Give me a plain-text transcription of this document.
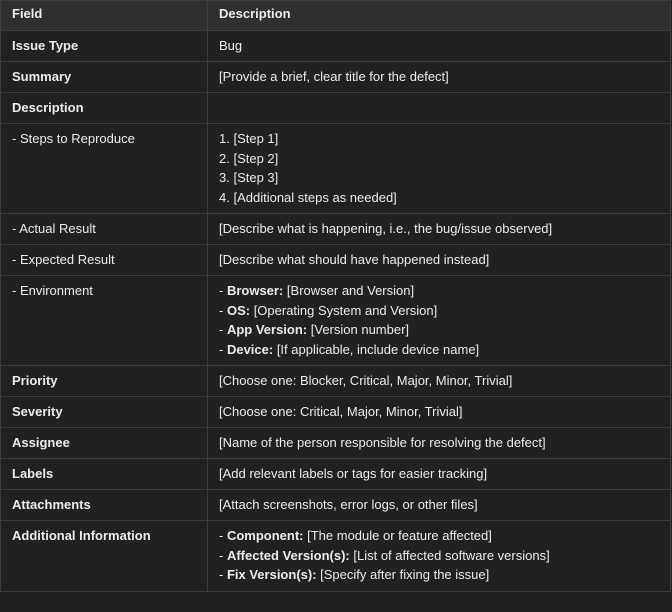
Field	Description
Issue Type	Bug
Summary	[Provide a brief, clear title for the defect]
Description	
- Steps to Reproduce	1. [Step 1]
2. [Step 2]
3. [Step 3]
4. [Additional steps as needed]

- Actual Result	[Describe what is happening, i.e., the bug/issue observed]
- Expected Result	[Describe what should have happened instead]
- Environment	- Browser: [Browser and Version]
- OS: [Operating System and Version]
- App Version: [Version number]
- Device: [If applicable, include device name]

Priority	[Choose one: Blocker, Critical, Major, Minor, Trivial]
Severity	[Choose one: Critical, Major, Minor, Trivial]
Assignee	[Name of the person responsible for resolving the defect]
Labels	[Add relevant labels or tags for easier tracking]
Attachments	[Attach screenshots, error logs, or other files]
Additional Information	- Component: [The module or feature affected]
- Affected Version(s): [List of affected software versions]
- Fix Version(s): [Specify after fixing the issue]
